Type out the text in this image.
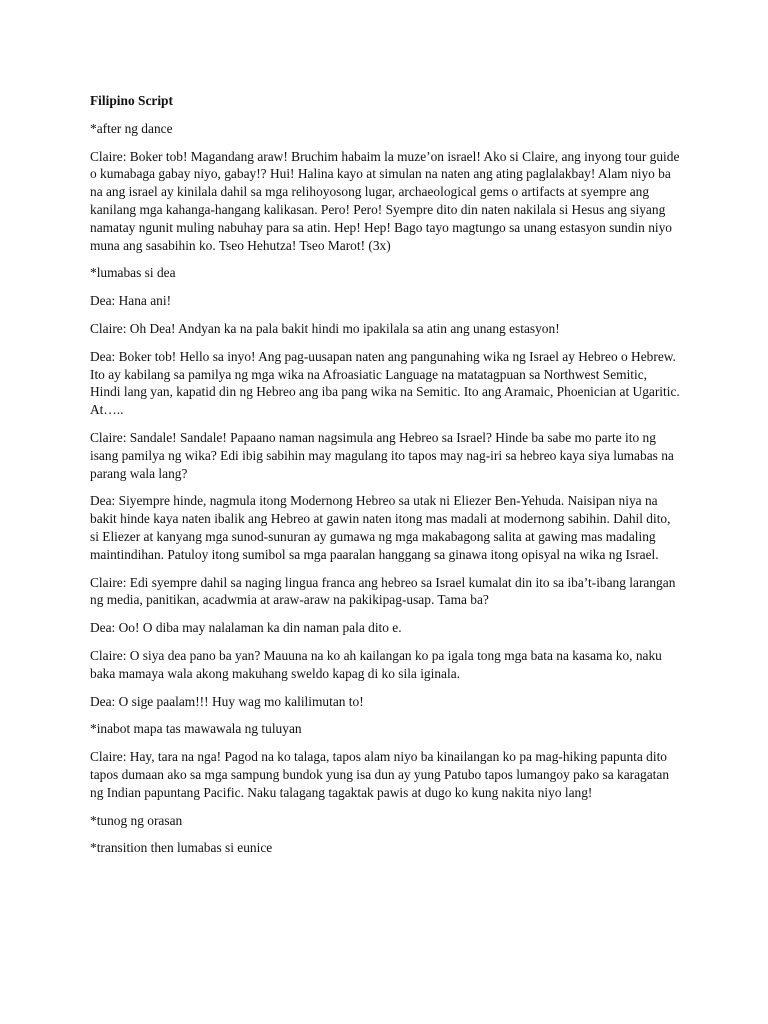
Filipino Script
*after ng dance
Claire: Boker tob! Magandang araw! Bruchim habaim la muze’on israel! Ako si Claire, ang inyong tour guide o kumabaga gabay niyo, gabay!? Hui! Halina kayo at simulan na naten ang ating paglalakbay! Alam niyo ba na ang israel ay kinilala dahil sa mga relihoyosong lugar, archaeological gems o artifacts at syempre ang kanilang mga kahanga-hangang kalikasan. Pero! Pero! Syempre dito din naten nakilala si Hesus ang siyang namatay ngunit muling nabuhay para sa atin. Hep! Hep! Bago tayo magtungo sa unang estasyon sundin niyo muna ang sasabihin ko. Tseo Hehutza! Tseo Marot! (3x)
*lumabas si dea
Dea: Hana ani!
Claire: Oh Dea! Andyan ka na pala bakit hindi mo ipakilala sa atin ang unang estasyon!
Dea: Boker tob! Hello sa inyo! Ang pag-uusapan naten ang pangunahing wika ng Israel ay Hebreo o Hebrew. Ito ay kabilang sa pamilya ng mga wika na Afroasiatic Language na matatagpuan sa Northwest Semitic, Hindi lang yan, kapatid din ng Hebreo ang iba pang wika na Semitic. Ito ang Aramaic, Phoenician at Ugaritic. At…..
Claire: Sandale! Sandale! Papaano naman nagsimula ang Hebreo sa Israel? Hinde ba sabe mo parte ito ng isang pamilya ng wika? Edi ibig sabihin may magulang ito tapos may nag-iri sa hebreo kaya siya lumabas na parang wala lang?
Dea: Siyempre hinde, nagmula itong Modernong Hebreo sa utak ni Eliezer Ben-Yehuda. Naisipan niya na bakit hinde kaya naten ibalik ang Hebreo at gawin naten itong mas madali at modernong sabihin. Dahil dito, si Eliezer at kanyang mga sunod-sunuran ay gumawa ng mga makabagong salita at gawing mas madaling maintindihan. Patuloy itong sumibol sa mga paaralan hanggang sa ginawa itong opisyal na wika ng Israel.
Claire: Edi syempre dahil sa naging lingua franca ang hebreo sa Israel kumalat din ito sa iba’t-ibang larangan ng media, panitikan, acadwmia at araw-araw na pakikipag-usap. Tama ba?
Dea: Oo! O diba may nalalaman ka din naman pala dito e.
Claire: O siya dea pano ba yan? Mauuna na ko ah kailangan ko pa igala tong mga bata na kasama ko, naku baka mamaya wala akong makuhang sweldo kapag di ko sila iginala.
Dea: O sige paalam!!! Huy wag mo kalilimutan to!
*inabot mapa tas mawawala ng tuluyan
Claire: Hay, tara na nga! Pagod na ko talaga, tapos alam niyo ba kinailangan ko pa mag-hiking papunta dito tapos dumaan ako sa mga sampung bundok yung isa dun ay yung Patubo tapos lumangoy pako sa karagatan ng Indian papuntang Pacific. Naku talagang tagaktak pawis at dugo ko kung nakita niyo lang!
*tunog ng orasan
*transition then lumabas si eunice
